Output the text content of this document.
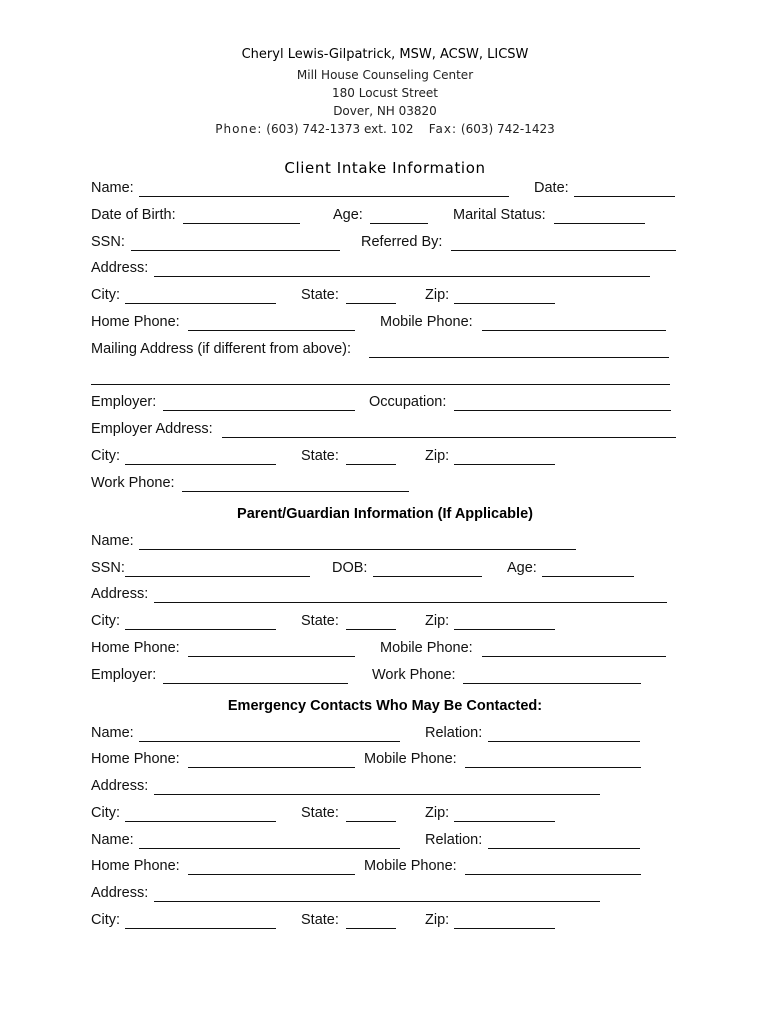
Cheryl Lewis-Gilpatrick, MSW, ACSW, LICSW
Mill House Counseling Center
180 Locust Street
Dover, NH 03820
Phone: (603) 742-1373 ext. 102 Fax: (603) 742-1423
Client Intake Information
Name:	Date:
Date of Birth:	Age:	Marital Status:
SSN:	Referred By:
Address:
City:	State:	Zip:
Home Phone:	Mobile Phone:
Mailing Address (if different from above):
Employer:	Occupation:
Employer Address:
City:	State:	Zip:
Work Phone:
Parent/Guardian Information (If Applicable)
Name:
SSN:	DOB:	Age:
Address:
City:	State:	Zip:
Home Phone:	Mobile Phone:
Employer:	Work Phone:
Emergency Contacts Who May Be Contacted:
Name:	Relation:
Home Phone:	Mobile Phone:
Address:
City:	State:	Zip:
Name:	Relation:
Home Phone:	Mobile Phone:
Address:
City:	State:	Zip:
